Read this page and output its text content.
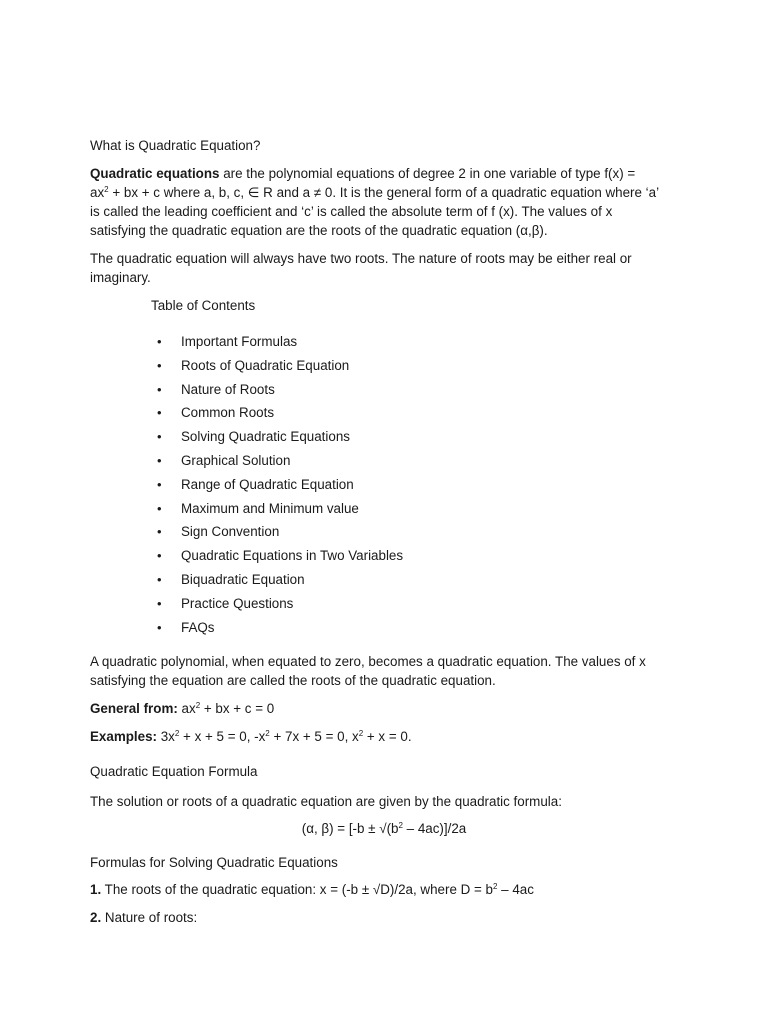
What is Quadratic Equation?

Quadratic equations are the polynomial equations of degree 2 in one variable of type f(x) =
$ax^2$ + bx + c where a, b, c, ∈ R and a ≠ 0. It is the general form of a quadratic equation where ‘a’
is called the leading coefficient and ‘c’ is called the absolute term of f (x). The values of x
satisfying the quadratic equation are the roots of the quadratic equation (α,β).
The quadratic equation will always have two roots. The nature of roots may be either real or
imaginary.
Table of Contents
• Important Formulas
• Roots of Quadratic Equation
• Nature of Roots
• Common Roots
• Solving Quadratic Equations
• Graphical Solution
• Range of Quadratic Equation
• Maximum and Minimum value
• Sign Convention
• Quadratic Equations in Two Variables
• Biquadratic Equation
• Practice Questions
• FAQs
A quadratic polynomial, when equated to zero, becomes a quadratic equation. The values of x
satisfying the equation are called the roots of the quadratic equation.
General from: $ax^2$ + bx + c = 0
Examples: $3x^2 + x + 5 = 0$, $-x^2 + 7x + 5 = 0$, $x^2 + x = 0$.

Quadratic Equation Formula

The solution or roots of a quadratic equation are given by the quadratic formula:

(α, $\beta) = [-b \pm √(b^2 - 4ac)]/2a$

Formulas for Solving Quadratic Equations

1. The roots of the quadratic equation: x = (-b ± √D)/2a, where $D = b^2 - 4ac$
2. Nature of roots:
